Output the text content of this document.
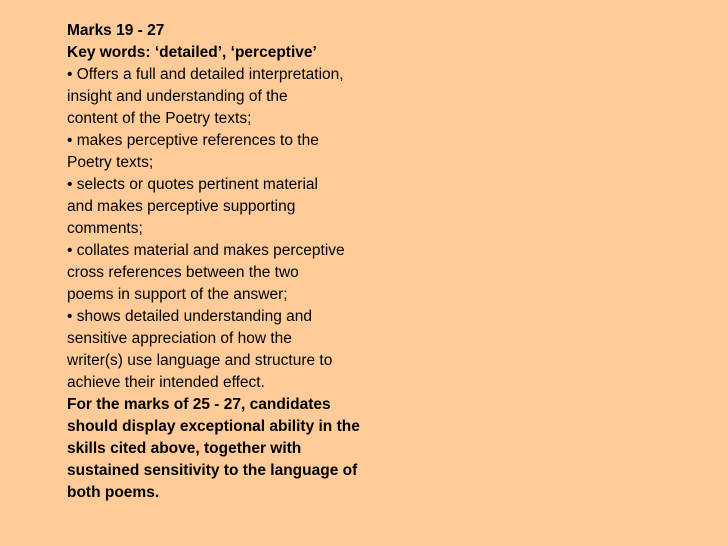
Marks 19 - 27
Key words: ‘detailed’, ‘perceptive’
• Offers a full and detailed interpretation,
insight and understanding of the
content of the Poetry texts;
• makes perceptive references to the
Poetry texts;
• selects or quotes pertinent material
and makes perceptive supporting
comments;
• collates material and makes perceptive
cross references between the two
poems in support of the answer;
• shows detailed understanding and
sensitive appreciation of how the
writer(s) use language and structure to
achieve their intended effect.
For the marks of 25 - 27, candidates
should display exceptional ability in the
skills cited above, together with
sustained sensitivity to the language of
both poems.
